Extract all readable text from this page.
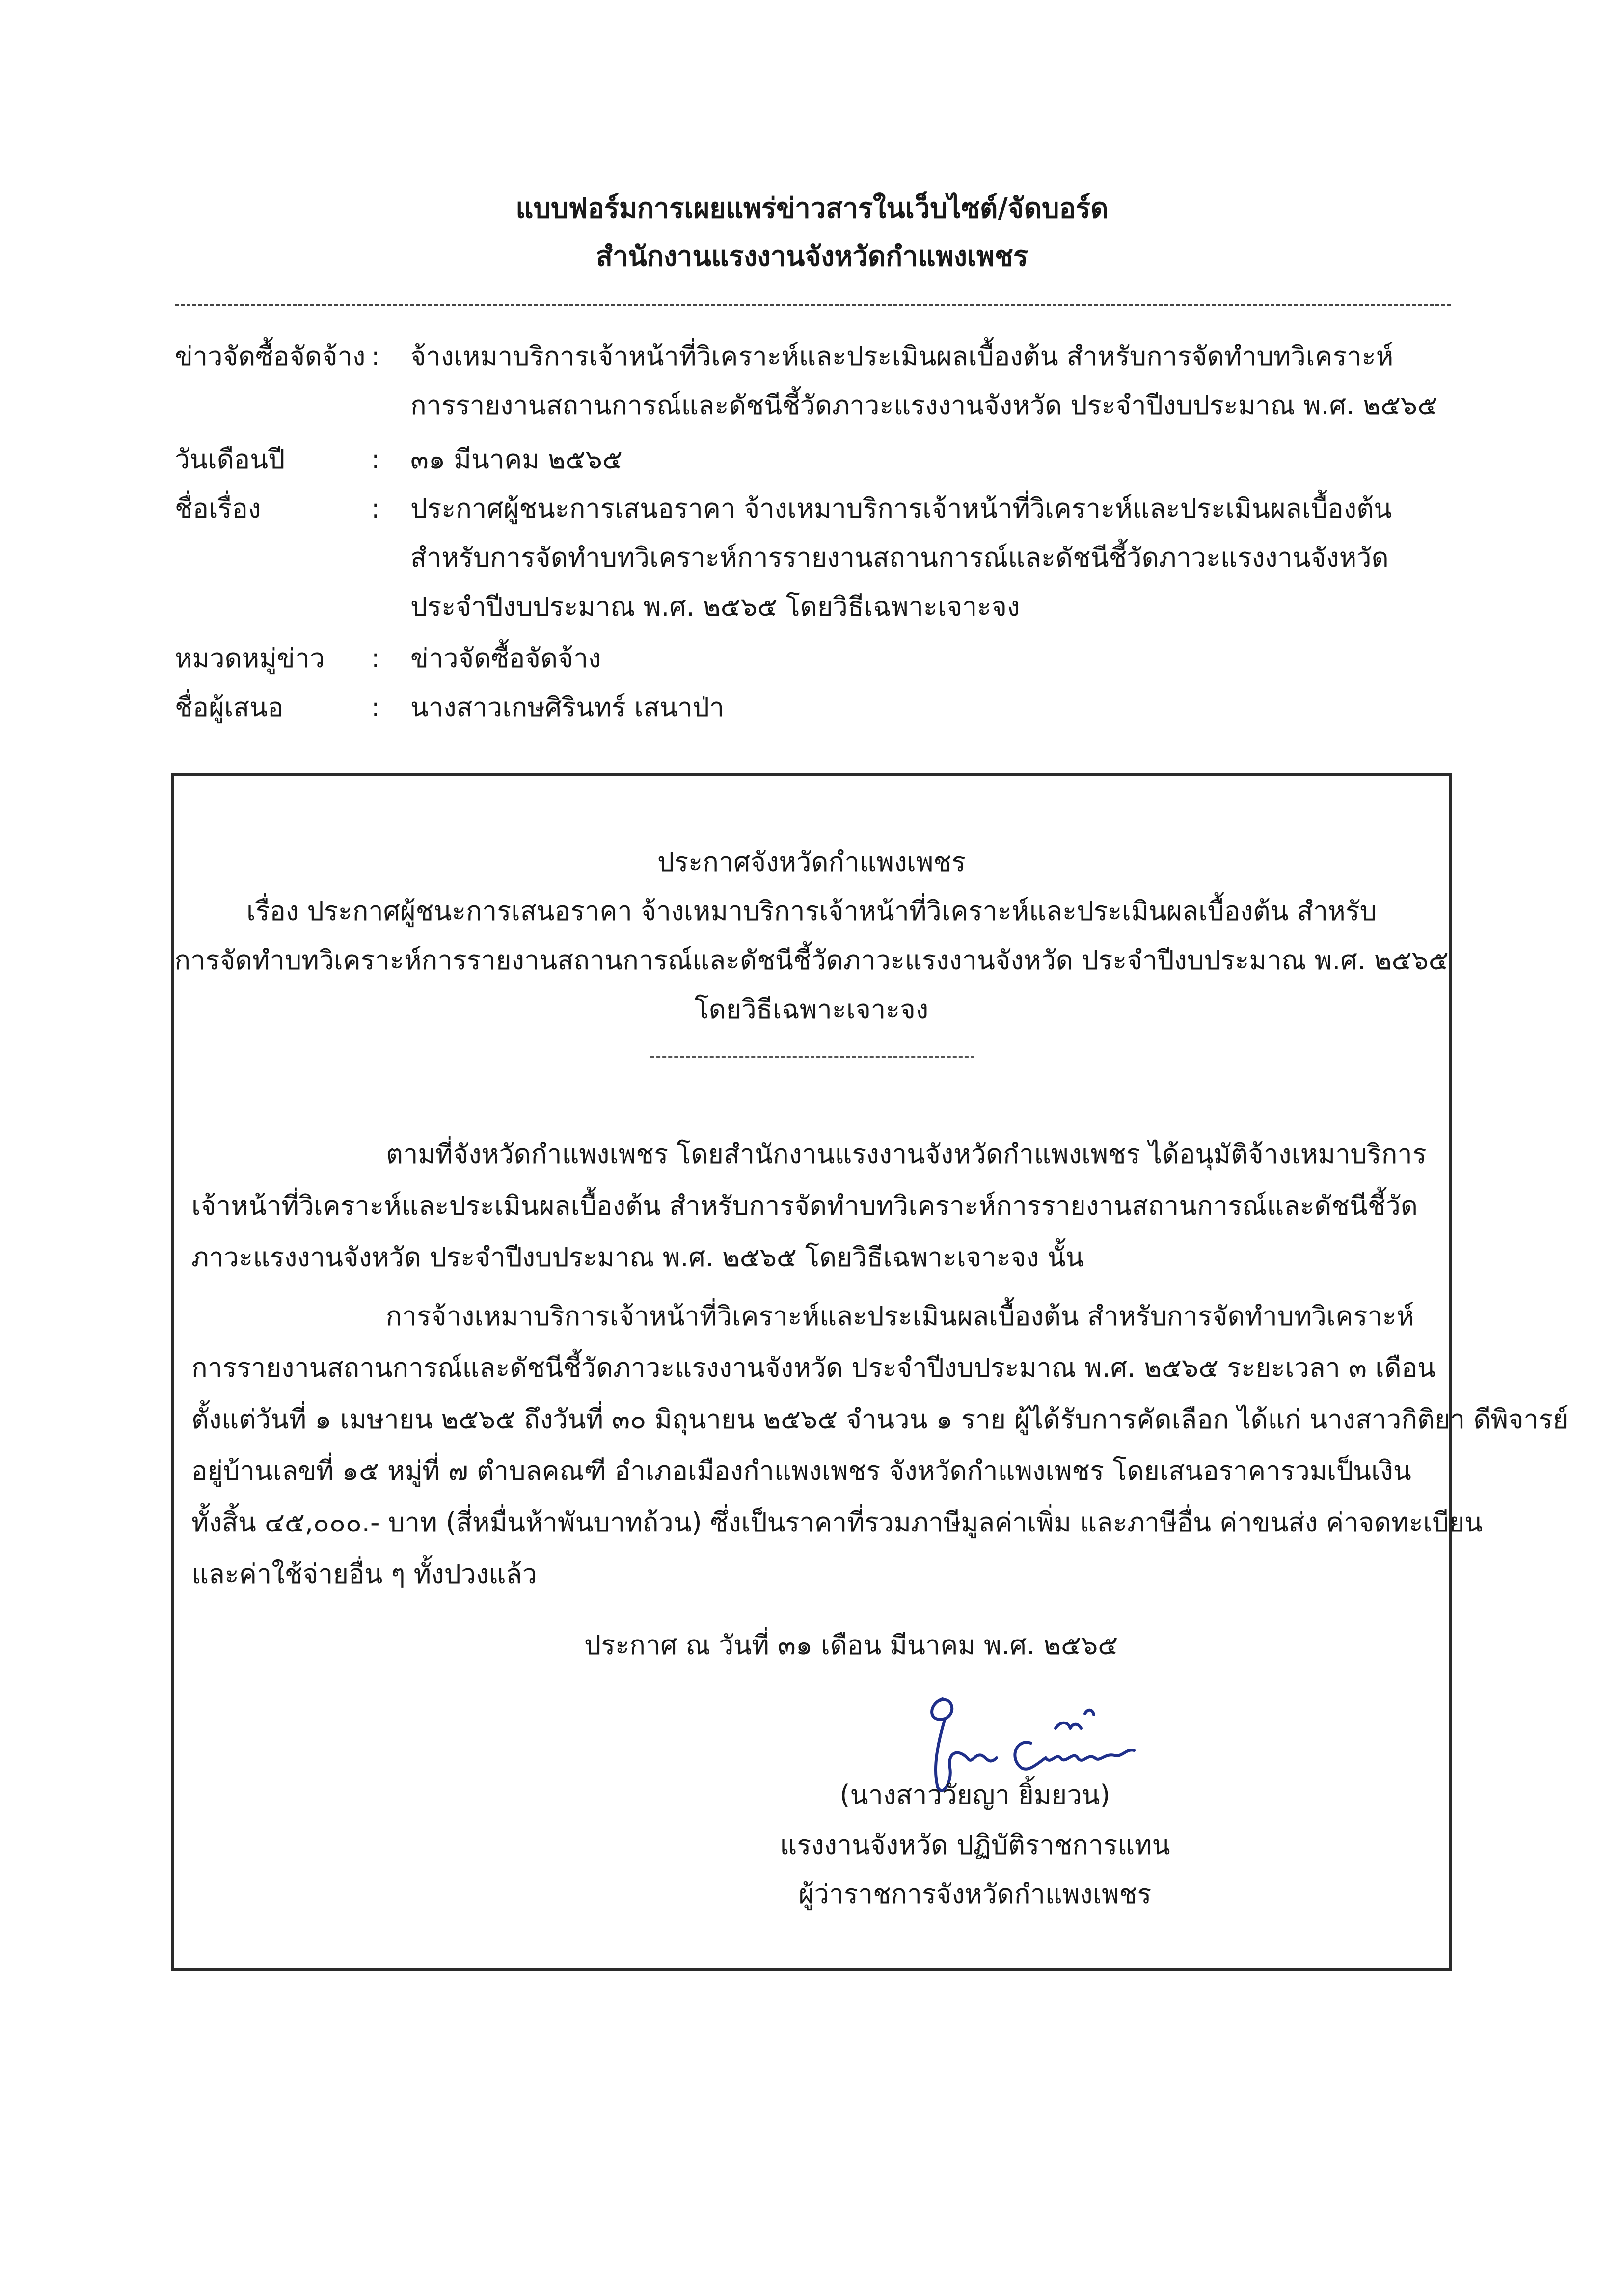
แบบฟอร์มการเผยแพร่ข่าวสารในเว็บไซต์/จัดบอร์ด
สำนักงานแรงงานจังหวัดกำแพงเพชร
ข่าวจัดซื้อจัดจ้าง : จ้างเหมาบริการเจ้าหน้าที่วิเคราะห์และประเมินผลเบื้องต้น สำหรับการจัดทำบทวิเคราะห์
การรายงานสถานการณ์และดัชนีชี้วัดภาวะแรงงานจังหวัด ประจำปีงบประมาณ พ.ศ. ๒๕๖๕
วันเดือนปี	: ๓๑ มีนาคม ๒๕๖๕
ชื่อเรื่อง	: ประกาศผู้ชนะการเสนอราคา จ้างเหมาบริการเจ้าหน้าที่วิเคราะห์และประเมินผลเบื้องต้น
สำหรับการจัดทำบทวิเคราะห์การรายงานสถานการณ์และดัชนีชี้วัดภาวะแรงงานจังหวัด
ประจำปีงบประมาณ พ.ศ. ๒๕๖๕ โดยวิธีเฉพาะเจาะจง
หมวดหมู่ข่าว : ข่าวจัดซื้อจัดจ้าง
ชื่อผู้เสนอ	: นางสาวเกษศิรินทร์ เสนาป่า
ประกาศจังหวัดกำแพงเพชร
เรื่อง ประกาศผู้ชนะการเสนอราคา จ้างเหมาบริการเจ้าหน้าที่วิเคราะห์และประเมินผลเบื้องต้น สำหรับ
การจัดทำบทวิเคราะห์การรายงานสถานการณ์และดัชนีชี้วัดภาวะแรงงานจังหวัด ประจำปีงบประมาณ พ.ศ. ๒๕๖๕
โดยวิธีเฉพาะเจาะจง
ตามที่จังหวัดกำแพงเพชร โดยสำนักงานแรงงานจังหวัดกำแพงเพชร ได้อนุมัติจ้างเหมาบริการ
เจ้าหน้าที่วิเคราะห์และประเมินผลเบื้องต้น สำหรับการจัดทำบทวิเคราะห์การรายงานสถานการณ์และดัชนีชี้วัด
ภาวะแรงงานจังหวัด ประจำปีงบประมาณ พ.ศ. ๒๕๖๕ โดยวิธีเฉพาะเจาะจง นั้น
การจ้างเหมาบริการเจ้าหน้าที่วิเคราะห์และประเมินผลเบื้องต้น สำหรับการจัดทำบทวิเคราะห์
การรายงานสถานการณ์และดัชนีชี้วัดภาวะแรงงานจังหวัด ประจำปีงบประมาณ พ.ศ. ๒๕๖๕ ระยะเวลา ๓ เดือน
ตั้งแต่วันที่ ๑ เมษายน ๒๕๖๕ ถึงวันที่ ๓๐ มิถุนายน ๒๕๖๕ จำนวน ๑ ราย ผู้ได้รับการคัดเลือก ได้แก่ นางสาวกิติยา ดีพิจารย์
อยู่บ้านเลขที่ ๑๕ หมู่ที่ ๗ ตำบลคณฑี อำเภอเมืองกำแพงเพชร จังหวัดกำแพงเพชร โดยเสนอราคารวมเป็นเงิน
ทั้งสิ้น ๔๕,๐๐๐.- บาท (สี่หมื่นห้าพันบาทถ้วน) ซึ่งเป็นราคาที่รวมภาษีมูลค่าเพิ่ม และภาษีอื่น ค่าขนส่ง ค่าจดทะเบียน
และค่าใช้จ่ายอื่น ๆ ทั้งปวงแล้ว
ประกาศ ณ วันที่ ๓๑ เดือน มีนาคม พ.ศ. ๒๕๖๕
(นางสาววัยญา ยิ้มยวน)
แรงงานจังหวัด ปฏิบัติราชการแทน
ผู้ว่าราชการจังหวัดกำแพงเพชร
